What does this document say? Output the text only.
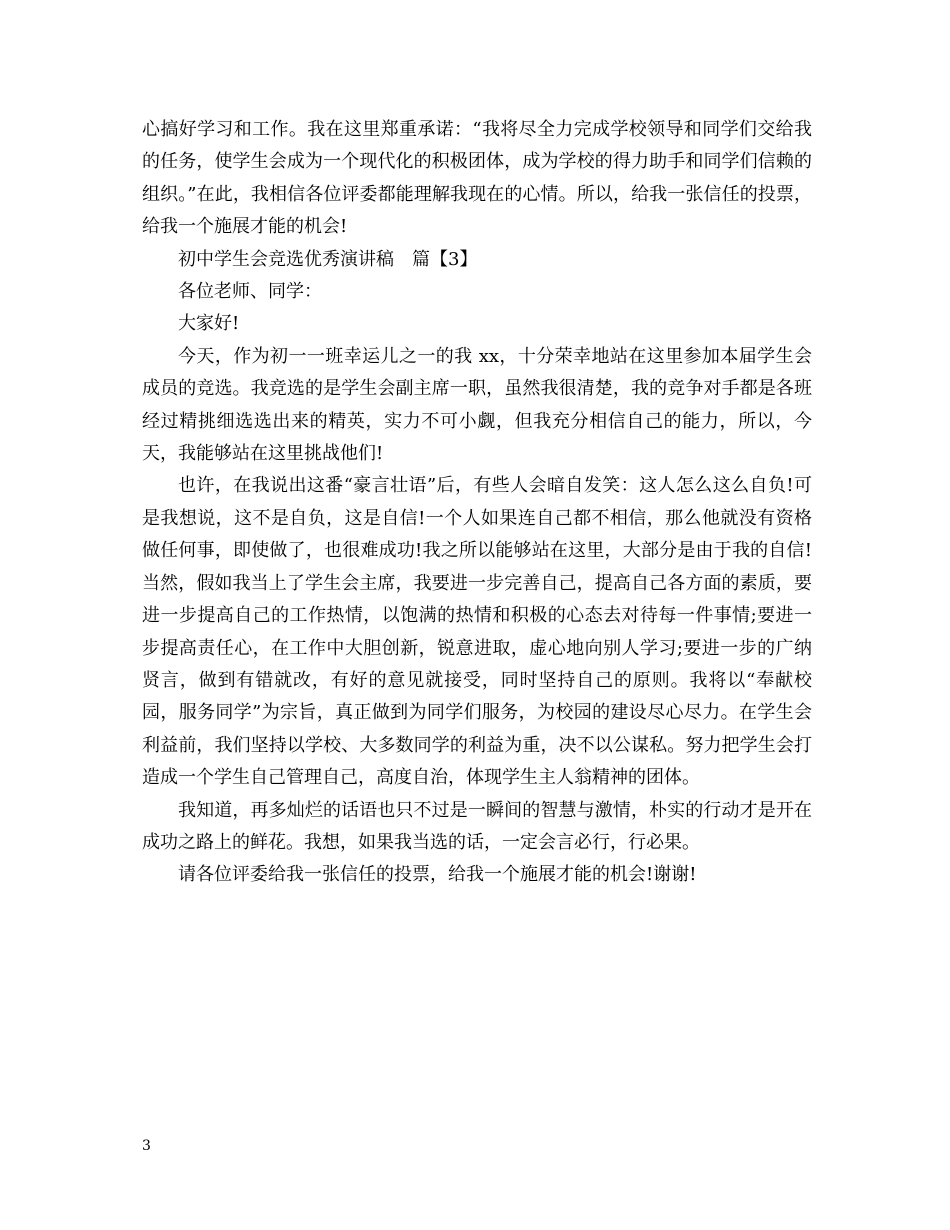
心搞好学习和工作。我在这里郑重承诺：“我将尽全力完成学校领导和同学们交给我的任务，使学生会成为一个现代化的积极团体，成为学校的得力助手和同学们信赖的组织。”在此，我相信各位评委都能理解我现在的心情。所以，给我一张信任的投票，给我一个施展才能的机会!

初中学生会竞选优秀演讲稿　篇【3】

各位老师、同学：

大家好!

今天，作为初一一班幸运儿之一的我 xx，十分荣幸地站在这里参加本届学生会成员的竞选。我竞选的是学生会副主席一职，虽然我很清楚，我的竞争对手都是各班经过精挑细选选出来的精英，实力不可小觑，但我充分相信自己的能力，所以，今天，我能够站在这里挑战他们!

也许，在我说出这番“豪言壮语”后，有些人会暗自发笑：这人怎么这么自负!可是我想说，这不是自负，这是自信!一个人如果连自己都不相信，那么他就没有资格做任何事，即使做了，也很难成功!我之所以能够站在这里，大部分是由于我的自信!当然，假如我当上了学生会主席，我要进一步完善自己，提高自己各方面的素质，要进一步提高自己的工作热情，以饱满的热情和积极的心态去对待每一件事情;要进一步提高责任心，在工作中大胆创新，锐意进取，虚心地向别人学习;要进一步的广纳贤言，做到有错就改，有好的意见就接受，同时坚持自己的原则。我将以“奉献校园，服务同学”为宗旨，真正做到为同学们服务，为校园的建设尽心尽力。在学生会利益前，我们坚持以学校、大多数同学的利益为重，决不以公谋私。努力把学生会打造成一个学生自己管理自己，高度自治，体现学生主人翁精神的团体。

我知道，再多灿烂的话语也只不过是一瞬间的智慧与激情，朴实的行动才是开在成功之路上的鲜花。我想，如果我当选的话，一定会言必行，行必果。

请各位评委给我一张信任的投票，给我一个施展才能的机会!谢谢!

3
